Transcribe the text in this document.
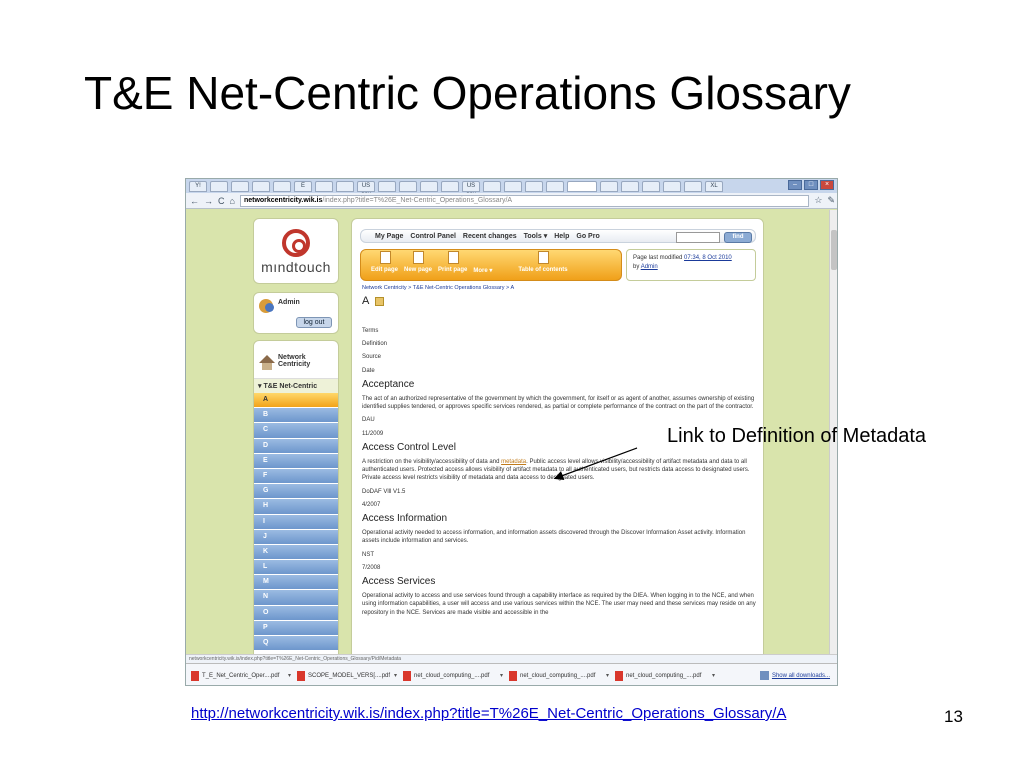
T&E Net-Centric Operations Glossary
Y!	E	US	US	XL	–	□	×
← → C ⌂	networkcentricity.wik.is/index.php?title=T%26E_Net-Centric_Operations_Glossary/A	☆ ✎
mındtouch
Admin
log out
Network Centricity
▾ T&E Net-Centric
A
B
C
D
E
F
G
H
I
J
K
L
M
N
O
P
Q
My Page Control Panel Recent changes Tools ▾ Help Go Pro	find
Edit page New page Print page More ▾	Table of contents
Page last modified 07:34, 8 Oct 2010
by Admin
Network Centricity > T&E Net-Centric Operations Glossary > A
A

Terms

Definition

Source

Date

Acceptance

The act of an authorized representative of the government by which the government, for itself or as agent of another, assumes ownership of existing identified supplies tendered, or approves specific services rendered, as partial or complete performance of the contract on the part of the contractor.

DAU

11/2009

Access Control Level

A restriction on the visibility/accessibility of data and metadata. Public access level allows visibility/accessibility of artifact metadata and data to all authenticated users. Protected access allows visibility of artifact metadata to all authenticated users, but restricts data access to designated users. Private access level restricts visibility of metadata and data access to designated users.

DoDAF Vlll V1.5

4/2007

Access Information

Operational activity needed to access information, and information assets discovered through the Discover Information Asset activity. Information assets include information and services.

NST

7/2008

Access Services

Operational activity to access and use services found through a capability interface as required by the DIEA. When logging in to the NCE, and when using information capabilities, a user will access and use various services within the NCE. The user may need and these services may reside on any repository in the NCE. Services are made visible and accessible in the

networkcentricity.wik.is/index.php?title=T%26E_Net-Centric_Operations_Glossary/Pid/Metadata
T_E_Net_Centric_Oper....pdf ▾	SCOPE_MODEL_VERS[....pdf ▾	net_cloud_computing_....pdf ▾	net_cloud_computing_....pdf ▾	net_cloud_computing_....pdf ▾	Show all downloads...
Link to Definition of Metadata
http://networkcentricity.wik.is/index.php?title=T%26E_Net-Centric_Operations_Glossary/A	13
